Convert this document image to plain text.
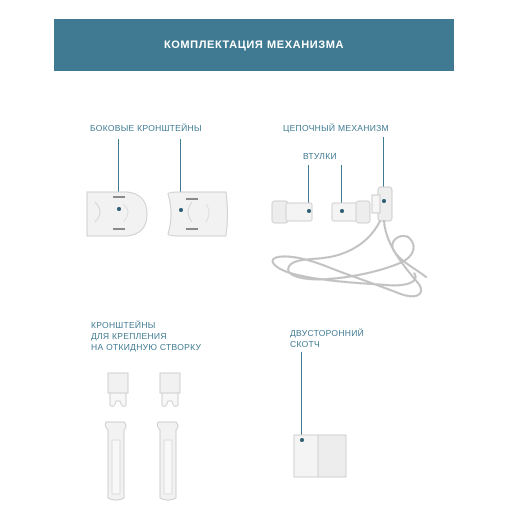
КОМПЛЕКТАЦИЯ МЕХАНИЗМА
БОКОВЫЕ КРОНШТЕЙНЫ	ЦЕПОЧНЫЙ МЕХАНИЗМ
ВТУЛКИ
КРОНШТЕЙНЫ
ДЛЯ КРЕПЛЕНИЯ
НА ОТКИДНУЮ СТВОРКУ
ДВУСТОРОННИЙ
СКОТЧ
